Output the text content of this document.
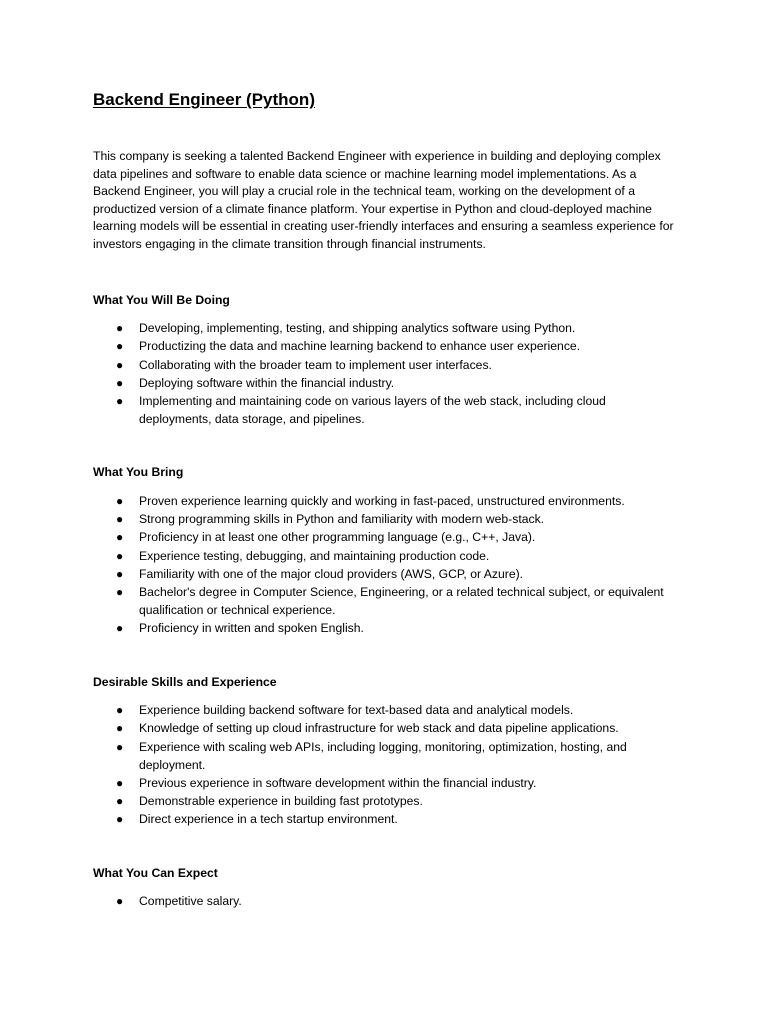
Backend Engineer (Python)

This company is seeking a talented Backend Engineer with experience in building and deploying complex data pipelines and software to enable data science or machine learning model implementations. As a Backend Engineer, you will play a crucial role in the technical team, working on the development of a productized version of a climate finance platform. Your expertise in Python and cloud-deployed machine learning models will be essential in creating user-friendly interfaces and ensuring a seamless experience for investors engaging in the climate transition through financial instruments.

What You Will Be Doing
● Developing, implementing, testing, and shipping analytics software using Python.
● Productizing the data and machine learning backend to enhance user experience.
● Collaborating with the broader team to implement user interfaces.
● Deploying software within the financial industry.
● Implementing and maintaining code on various layers of the web stack, including cloud deployments, data storage, and pipelines.
What You Bring
● Proven experience learning quickly and working in fast-paced, unstructured environments.
● Strong programming skills in Python and familiarity with modern web-stack.
● Proficiency in at least one other programming language (e.g., C++, Java).
● Experience testing, debugging, and maintaining production code.
● Familiarity with one of the major cloud providers (AWS, GCP, or Azure).
● Bachelor's degree in Computer Science, Engineering, or a related technical subject, or equivalent qualification or technical experience.
● Proficiency in written and spoken English.
Desirable Skills and Experience
● Experience building backend software for text-based data and analytical models.
● Knowledge of setting up cloud infrastructure for web stack and data pipeline applications.
● Experience with scaling web APIs, including logging, monitoring, optimization, hosting, and deployment.
● Previous experience in software development within the financial industry.
● Demonstrable experience in building fast prototypes.
● Direct experience in a tech startup environment.
What You Can Expect
● Competitive salary.
